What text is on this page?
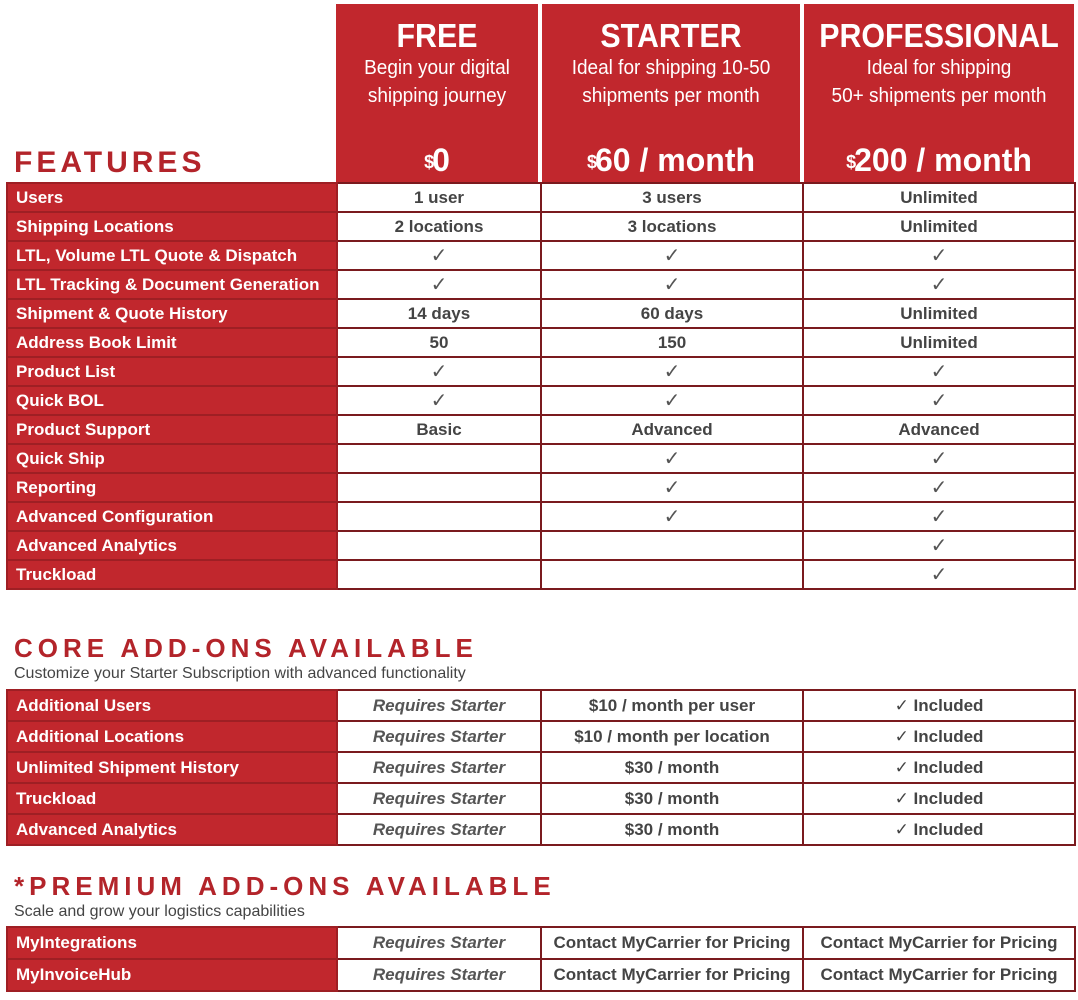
FREE
Begin your digital
shipping journey
$0
STARTER
Ideal for shipping 10-50
shipments per month
$60 / month
PROFESSIONAL
Ideal for shipping
50+ shipments per month
$200 / month
FEATURES
Users	1 user	3 users	Unlimited
Shipping Locations	2 locations	3 locations	Unlimited
LTL, Volume LTL Quote & Dispatch	✓	✓	✓
LTL Tracking & Document Generation	✓	✓	✓
Shipment & Quote History	14 days	60 days	Unlimited
Address Book Limit	50	150	Unlimited
Product List	✓	✓	✓
Quick BOL	✓	✓	✓
Product Support	Basic	Advanced	Advanced
Quick Ship		✓	✓
Reporting		✓	✓
Advanced Configuration		✓	✓
Advanced Analytics			✓
Truckload			✓
CORE ADD-ONS AVAILABLE
Customize your Starter Subscription with advanced functionality
Additional Users	Requires Starter	$10 / month per user	✓ Included
Additional Locations	Requires Starter	$10 / month per location	✓ Included
Unlimited Shipment History	Requires Starter	$30 / month	✓ Included
Truckload	Requires Starter	$30 / month	✓ Included
Advanced Analytics	Requires Starter	$30 / month	✓ Included
*PREMIUM ADD-ONS AVAILABLE
Scale and grow your logistics capabilities
MyIntegrations	Requires Starter	Contact MyCarrier for Pricing	Contact MyCarrier for Pricing
MyInvoiceHub	Requires Starter	Contact MyCarrier for Pricing	Contact MyCarrier for Pricing
